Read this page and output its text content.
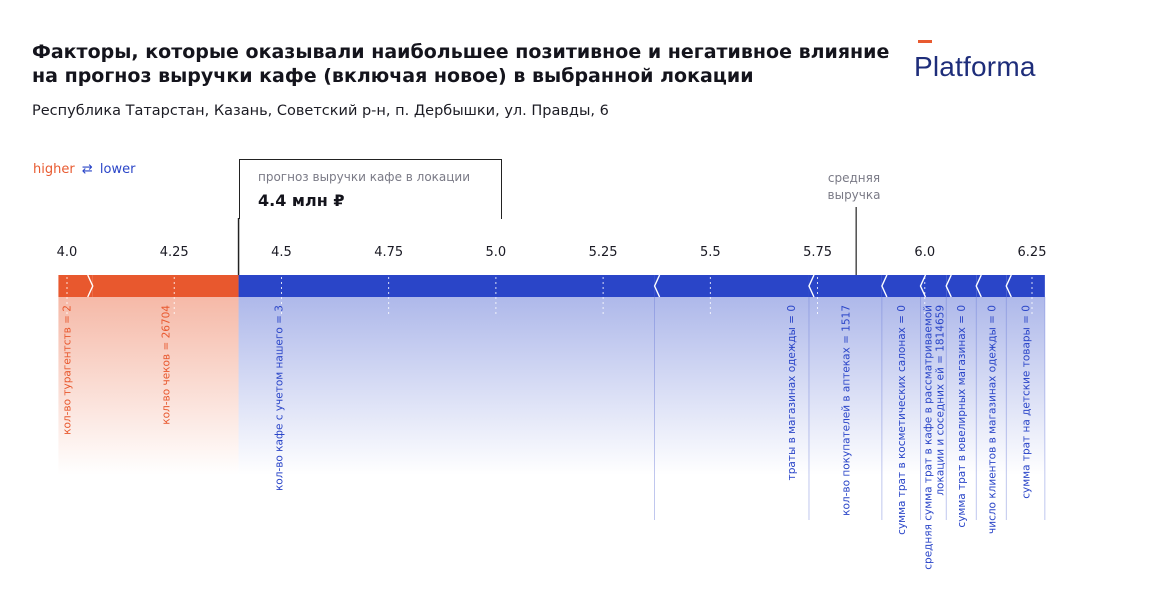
Факторы, которые оказывали наибольшее позитивное и негативное влияние на прогноз выручки кафе (включая новое) в выбранной локации
Республика Татарстан, Казань, Советский р-н, п. Дербышки, ул. Правды, 6
Platforma
higher ⇄ lower
4.0	4.25	4.5	4.75	5.0	5.25	5.5	5.75	6.0	6.25
кол-во турагентств = 2	кол-во чеков = 26704	кол-во кафе с учетом нашего = 3	траты в магазинах одежды = 0	кол-во покупателей в аптеках = 1517	сумма трат в косметических салонах = 0 средняя сумма трат в кафе в рассматриваемойлокации и соседних ей = 1814659 сумма трат в ювелирных магазинах = 0 число клиентов в магазинах одежды = 0 сумма трат на детские товары = 0
прогноз выручки кафе в локации
4.4 млн ₽
средняя выручка
